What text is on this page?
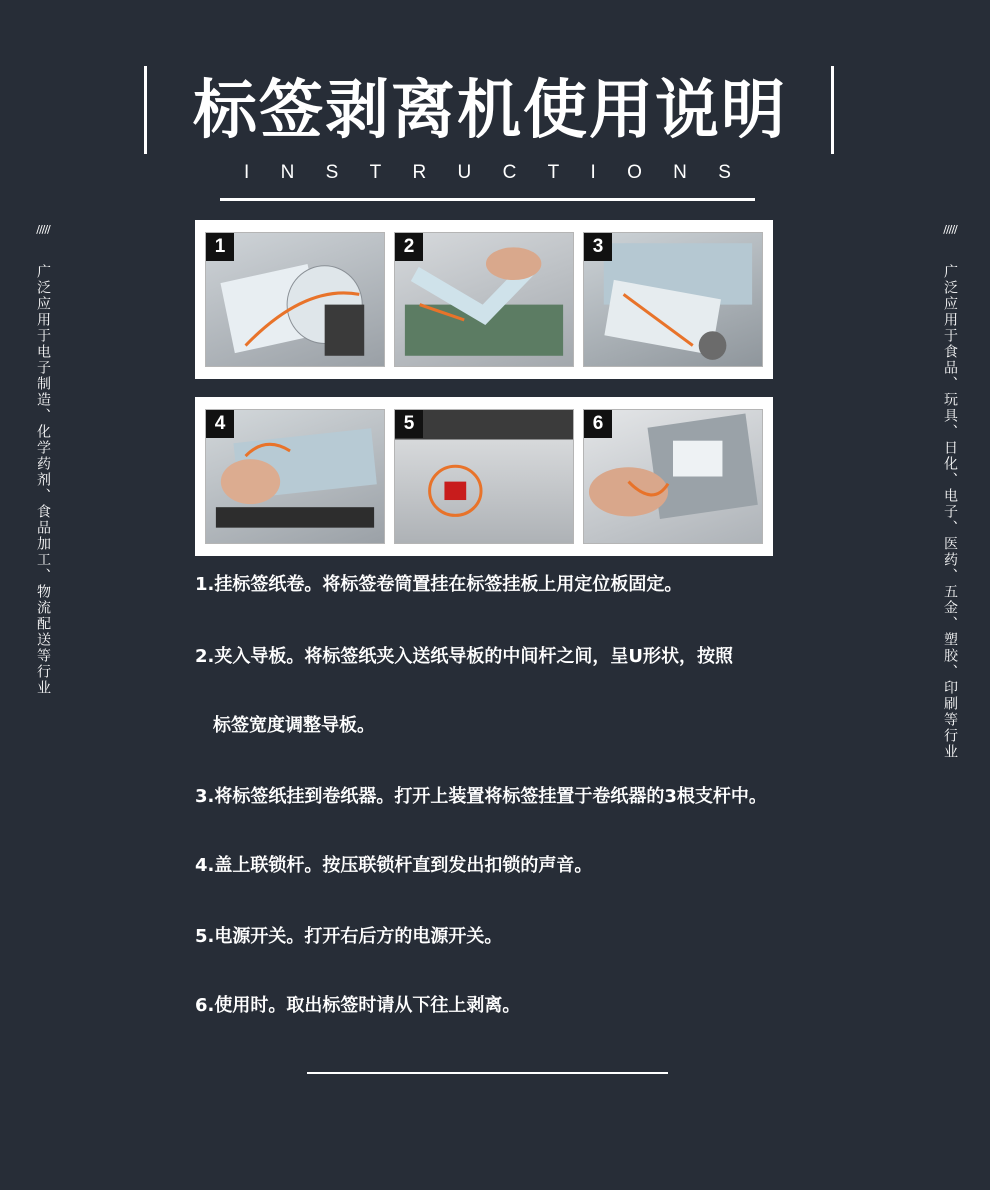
标签剥离机使用说明
I N S T R U C T I O N S
/////
广泛应用于电子制造、化学药剂、食品加工、物流配送等行业
/////
广泛应用于食品、玩具、日化、电子、医药、五金、塑胶、印刷等行业
1	2	3
4	5	6
1.挂标签纸卷。将标签卷筒置挂在标签挂板上用定位板固定。
2.夹入导板。将标签纸夹入送纸导板的中间杆之间，呈U形状，按照
标签宽度调整导板。
3.将标签纸挂到卷纸器。打开上装置将标签挂置于卷纸器的3根支杆中。
4.盖上联锁杆。按压联锁杆直到发出扣锁的声音。
5.电源开关。打开右后方的电源开关。
6.使用时。取出标签时请从下往上剥离。
